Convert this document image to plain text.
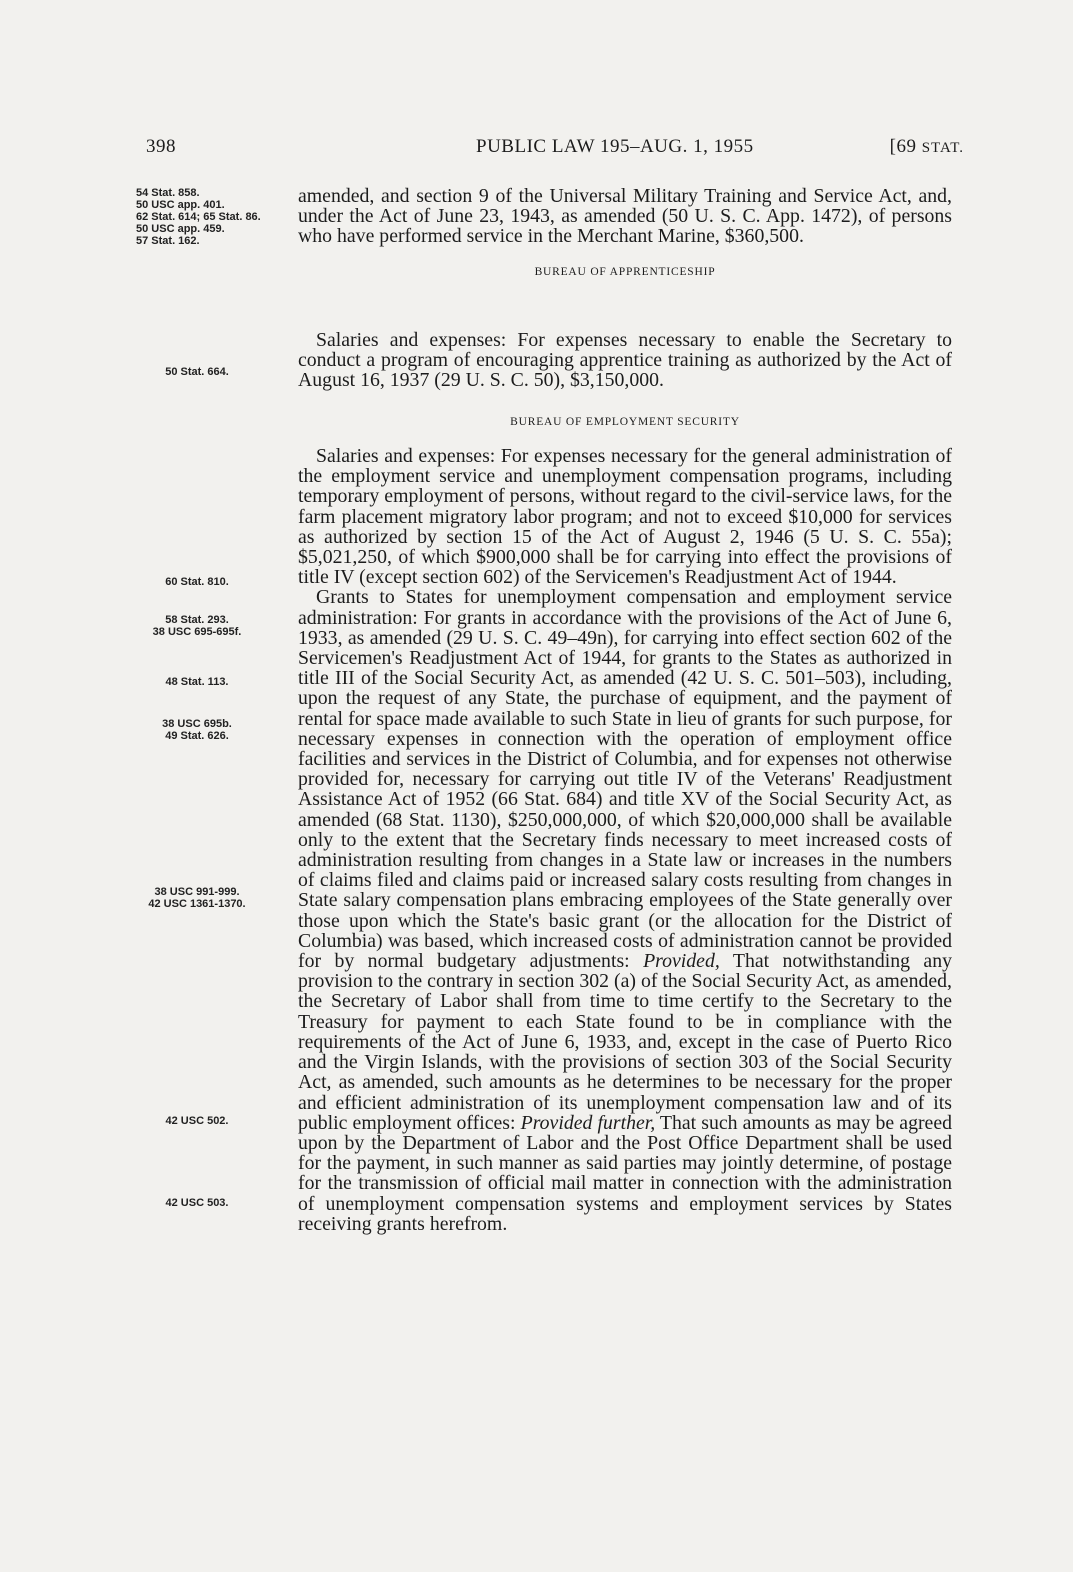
398	PUBLIC LAW 195–AUG. 1, 1955	[69 STAT.
54 Stat. 858.
50 USC app. 401.
62 Stat. 614; 65 Stat. 86.
50 USC app. 459.
57 Stat. 162.
50 Stat. 664.
60 Stat. 810.
58 Stat. 293.
38 USC 695-695f.
48 Stat. 113.
38 USC 695b.
49 Stat. 626.
38 USC 991-999.
42 USC 1361-1370.
42 USC 502.
42 USC 503.

amended, and section 9 of the Universal Military Training and Service Act, and, under the Act of June 23, 1943, as amended (50 U. S. C. App. 1472), of persons who have performed service in the Merchant Marine, $360,500.

BUREAU OF APPRENTICESHIP

Salaries and expenses: For expenses necessary to enable the Secretary to conduct a program of encouraging apprentice training as authorized by the Act of August 16, 1937 (29 U. S. C. 50), $3,150,000.

BUREAU OF EMPLOYMENT SECURITY

Salaries and expenses: For expenses necessary for the general administration of the employment service and unemployment compensation programs, including temporary employment of persons, without regard to the civil-service laws, for the farm placement migratory labor program; and not to exceed $10,000 for services as authorized by section 15 of the Act of August 2, 1946 (5 U. S. C. 55a); $5,021,250, of which $900,000 shall be for carrying into effect the provisions of title IV (except section 602) of the Servicemen's Readjustment Act of 1944.

Grants to States for unemployment compensation and employment service administration: For grants in accordance with the provisions of the Act of June 6, 1933, as amended (29 U. S. C. 49–49n), for carrying into effect section 602 of the Servicemen's Readjustment Act of 1944, for grants to the States as authorized in title III of the Social Security Act, as amended (42 U. S. C. 501–503), including, upon the request of any State, the purchase of equipment, and the payment of rental for space made available to such State in lieu of grants for such purpose, for necessary expenses in connection with the operation of employment office facilities and services in the District of Columbia, and for expenses not otherwise provided for, necessary for carrying out title IV of the Veterans' Readjustment Assistance Act of 1952 (66 Stat. 684) and title XV of the Social Security Act, as amended (68 Stat. 1130), $250,000,000, of which $20,000,000 shall be available only to the extent that the Secretary finds necessary to meet increased costs of administration resulting from changes in a State law or increases in the numbers of claims filed and claims paid or increased salary costs resulting from changes in State salary compensation plans embracing employees of the State generally over those upon which the State's basic grant (or the allocation for the District of Columbia) was based, which increased costs of administration cannot be provided for by normal budgetary adjustments: Provided, That notwithstanding any provision to the contrary in section 302 (a) of the Social Security Act, as amended, the Secretary of Labor shall from time to time certify to the Secretary to the Treasury for payment to each State found to be in compliance with the requirements of the Act of June 6, 1933, and, except in the case of Puerto Rico and the Virgin Islands, with the provisions of section 303 of the Social Security Act, as amended, such amounts as he determines to be necessary for the proper and efficient administration of its unemployment compensation law and of its public employment offices: Provided further, That such amounts as may be agreed upon by the Department of Labor and the Post Office Department shall be used for the payment, in such manner as said parties may jointly determine, of postage for the transmission of official mail matter in connection with the administration of unemployment compensation systems and employment services by States receiving grants herefrom.
